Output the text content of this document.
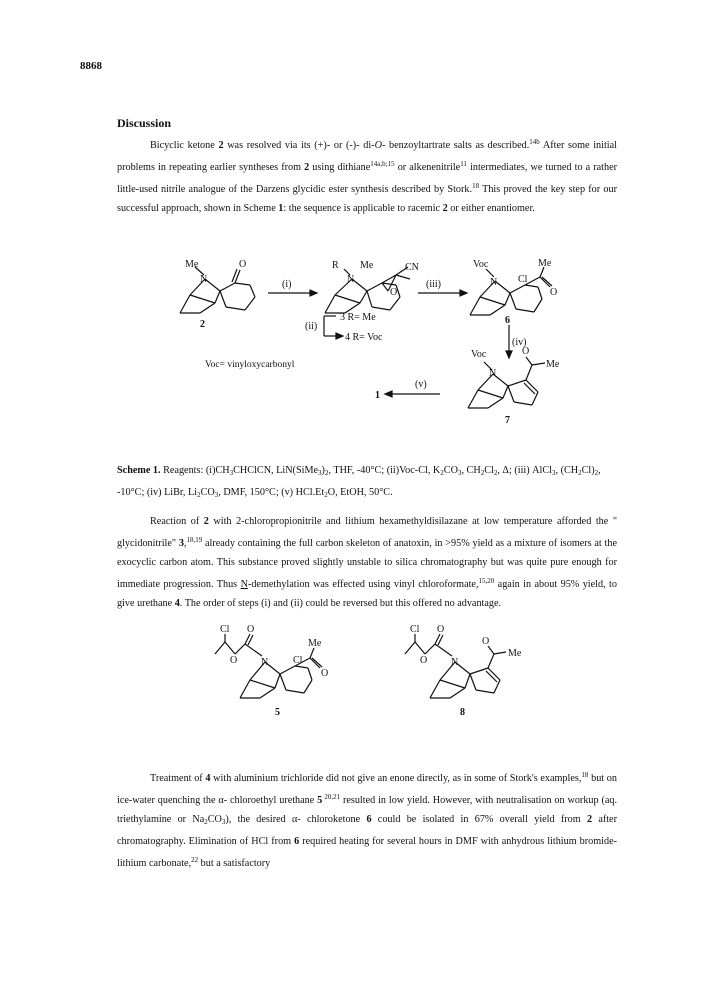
8868
Discussion

Bicyclic ketone 2 was resolved via its (+)- or (-)- di-O- benzoyltartrate salts as described.$^{14b}$ After some initial problems in repeating earlier syntheses from 2 using dithiane$^{14a,b;15}$ or alkenenitrile$^{11}$ intermediates, we turned to a rather little-used nitrile analogue of the Darzens glycidic ester synthesis described by Stork.$^{18}$ This proved the key step for our successful approach, shown in Scheme 1: the sequence is applicable to racemic 2 or either enantiomer.

Me
N
O	R
N
Me	CN
O
Voc
N Cl
Me
O
(i)	(iii)
(ii)
(iv)
(v)
2
3 R= Me
4 R= Voc
6
Voc
N
O
Me
7
1
Voc= vinyloxycarbonyl
Scheme 1. Reagents: $(i)CH_3CHClCN$, $LiN(SiMe_3)_2$, THF, -40°C; (ii)Voc-Cl, $K_2CO_3$, $CH_2Cl_2$, Δ; (iii) AlCl$_3$, $(CH_2Cl)_2$, -10°C; (iv) LiBr, $Li_2CO_3$, DMF, 150°C; (v) $HCl.Et_2O$, EtOH, 50°C.

Reaction of 2 with 2-chloropropionitrile and lithium hexamethyldisilazane at low temperature afforded the " glycidonitrile" 3,$^{18,19}$ already containing the full carbon skeleton of anatoxin, in >95% yield as a mixture of isomers at the exocyclic carbon atom. This substance proved slightly unstable to silica chromatography but was quite pure enough for immediate progression. Thus N-demethylation was effected using vinyl chloroformate,$^{15,20}$ again in about 95% yield, to give urethane 4. The order of steps (i) and (ii) could be reversed but this offered no advantage.

Cl O
O N Cl
Me
O
5
Cl O
O N
O
Me
8

Treatment of 4 with aluminium trichloride did not give an enone directly, as in some of Stork's examples,$^{18}$ but on ice-water quenching the α- chloroethyl urethane 5 $^{20,21}$ resulted in low yield. However, with neutralisation on workup (aq. triethylamine or $Na_2CO_3$), the desired α- chloroketone 6 could be isolated in 67% overall yield from 2 after chromatography. Elimination of HCl from 6 required heating for several hours in DMF with anhydrous lithium bromide-lithium carbonate,$^{22}$ but a satisfactory
